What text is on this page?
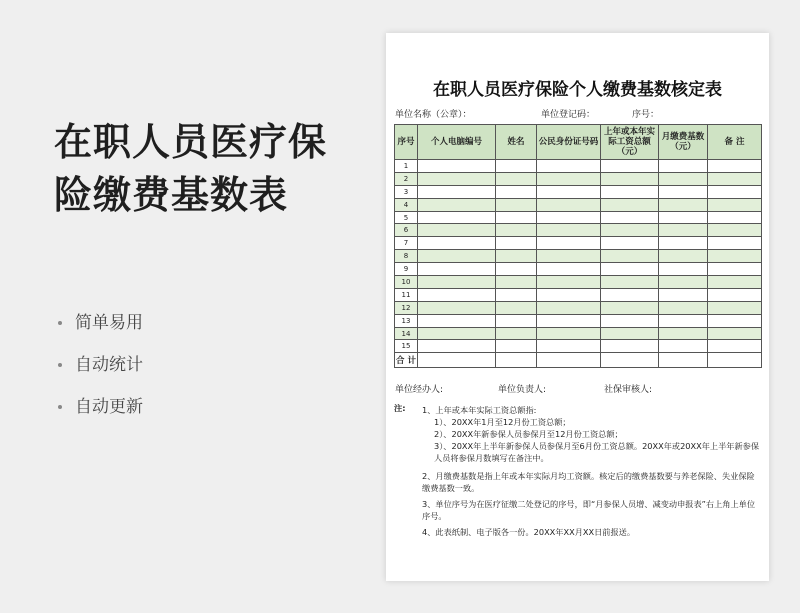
在职人员医疗保
险缴费基数表
简单易用
自动统计
自动更新
在职人员医疗保险个人缴费基数核定表
单位名称（公章）：	单位登记码：	序号：
序号	个人电脑编号	姓名	公民身份证号码	上年或本年实际工资总额（元）	月缴费基数（元）	备 注
1						
2						
3						
4						
5						
6						
7						
8						
9						
10						
11						
12						
13						
14						
15						
合 计						
单位经办人:	单位负责人:	社保审核人:
注: 1、上年或本年实际工资总额指:
1）、20XX年1月至12月份工资总额；
2）、20XX年新参保人员参保月至12月份工资总额；
3）、20XX年上半年新参保人员参保月至6月份工资总额。20XX年或20XX年上半年新参保人员将参保月数填写在备注中。
2、月缴费基数是指上年或本年实际月均工资额。核定后的缴费基数要与养老保险、失业保险缴费基数一致。
3、单位序号为在医疗征缴二处登记的序号，即“月参保人员增、减变动申报表”右上角上单位序号。
4、此表纸制、电子版各一份。20XX年XX月XX日前报送。
